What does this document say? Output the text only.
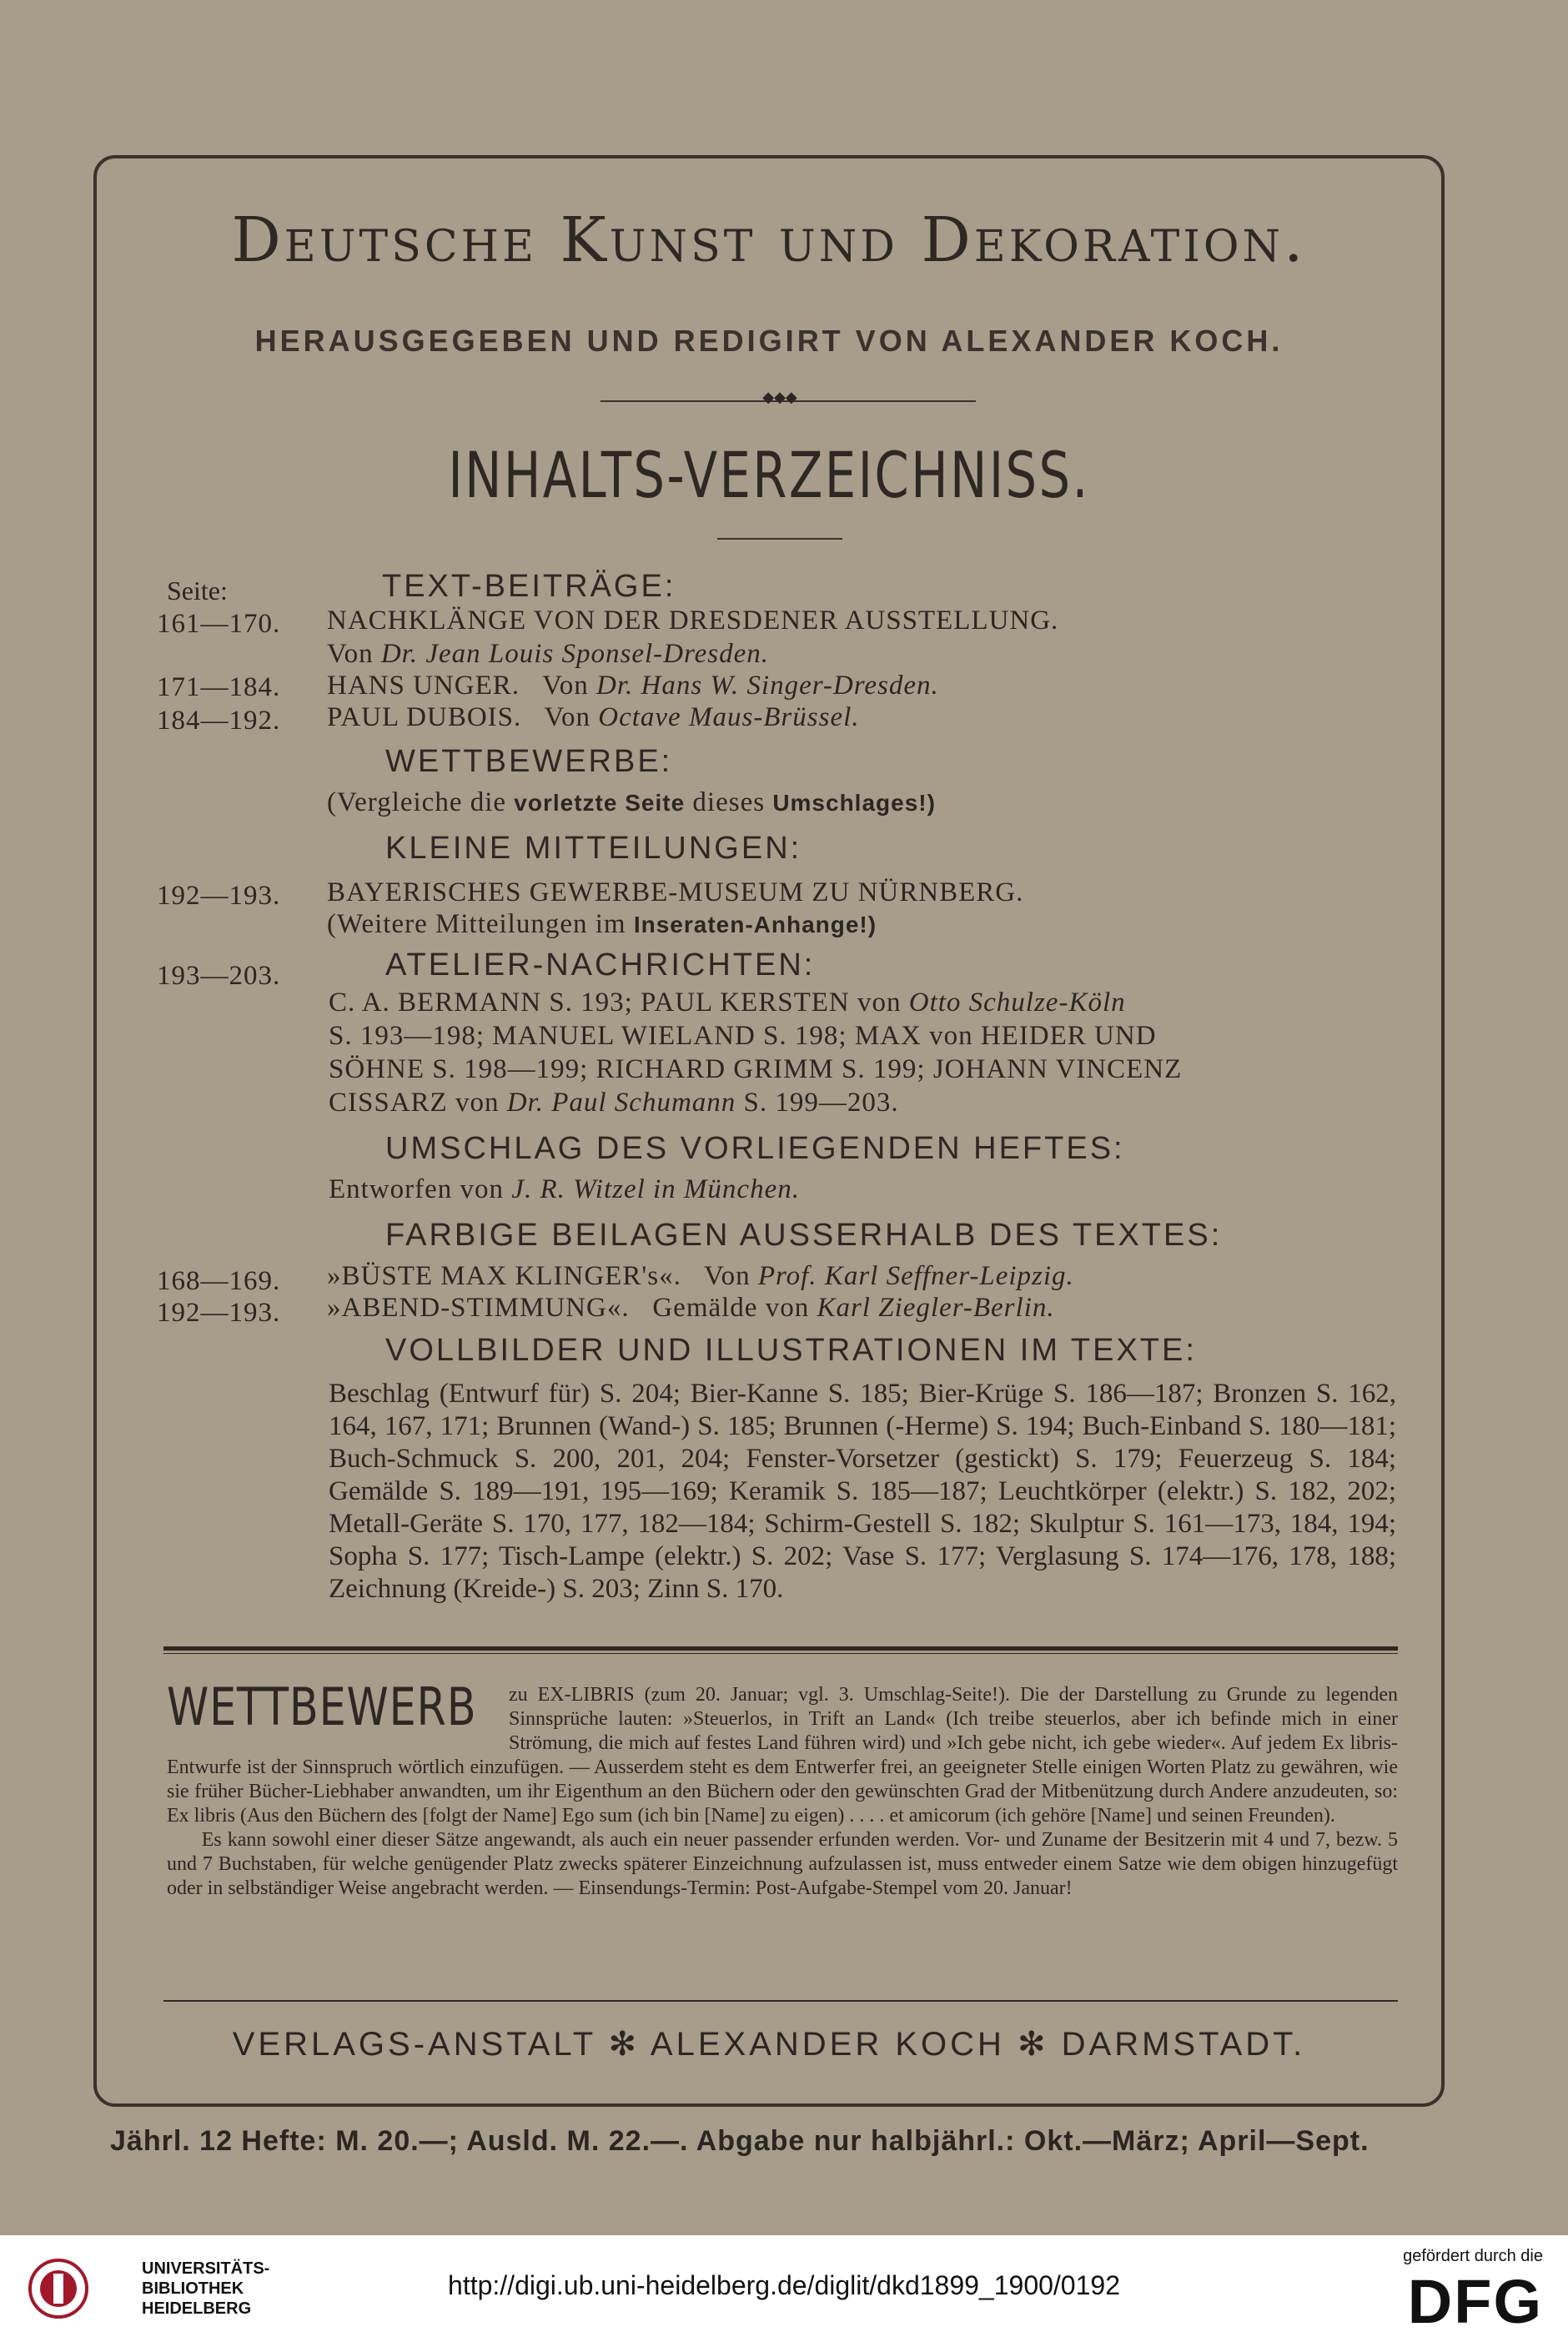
Deutsche Kunst und Dekoration.
HERAUSGEGEBEN UND REDIGIRT VON ALEXANDER KOCH.
◆◆◆
INHALTS-VERZEICHNISS.
Seite:	TEXT-BEITRÄGE:
161—170. NACHKLÄNGE VON DER DRESDENER AUSSTELLUNG.
Von Dr. Jean Louis Sponsel-Dresden.
171—184. HANS UNGER. Von Dr. Hans W. Singer-Dresden.
184—192. PAUL DUBOIS. Von Octave Maus-Brüssel.
WETTBEWERBE:
(Vergleiche die vorletzte Seite dieses Umschlages!)
KLEINE MITTEILUNGEN:
192—193. BAYERISCHES GEWERBE-MUSEUM ZU NÜRNBERG.
(Weitere Mitteilungen im Inseraten-Anhange!)
193—203.	ATELIER-NACHRICHTEN:
C. A. BERMANN S. 193; PAUL KERSTEN von Otto Schulze-Köln
S. 193—198; MANUEL WIELAND S. 198; MAX von HEIDER UND
SÖHNE S. 198—199; RICHARD GRIMM S. 199; JOHANN VINCENZ
CISSARZ von Dr. Paul Schumann S. 199—203.
UMSCHLAG DES VORLIEGENDEN HEFTES:
Entworfen von J. R. Witzel in München.
FARBIGE BEILAGEN AUSSERHALB DES TEXTES:
168—169. »BÜSTE MAX KLINGER's«. Von Prof. Karl Seffner-Leipzig.
192—193. »ABEND-STIMMUNG«. Gemälde von Karl Ziegler-Berlin.
VOLLBILDER UND ILLUSTRATIONEN IM TEXTE:
Beschlag (Entwurf für) S. 204; Bier-Kanne S. 185; Bier-Krüge S. 186—187; Bronzen S. 162, 164, 167, 171; Brunnen (Wand-) S. 185; Brunnen (-Herme) S. 194; Buch-Einband S. 180—181; Buch-Schmuck S. 200, 201, 204; Fenster-Vorsetzer (gestickt) S. 179; Feuerzeug S. 184; Gemälde S. 189—191, 195—169; Keramik S. 185—187; Leuchtkörper (elektr.) S. 182, 202; Metall-Geräte S. 170, 177, 182—184; Schirm-Gestell S. 182; Skulptur S. 161—173, 184, 194; Sopha S. 177; Tisch-Lampe (elektr.) S. 202; Vase S. 177; Verglasung S. 174—176, 178, 188; Zeichnung (Kreide-) S. 203; Zinn S. 170.
zu EX-LIBRIS (zum 20. Januar; vgl. 3. Umschlag-Seite!). Die der Darstellung zu Grunde zu legenden Sinnsprüche lauten: »Steuerlos, in Trift an Land« (Ich treibe steuerlos, aber ich befinde mich in einer Strömung, die mich auf festes Land führen wird) und »Ich gebe nicht, ich gebe wieder«. Auf jedem Ex libris-Entwurfe ist der Sinnspruch wörtlich einzufügen. — Ausserdem steht es dem Entwerfer frei, an geeigneter Stelle einigen Worten Platz zu gewähren, wie sie früher Bücher-Liebhaber anwandten, um ihr Eigenthum an den Büchern oder den gewünschten Grad der Mitbenützung durch Andere anzudeuten, so: Ex libris (Aus den Büchern des [folgt der Name] Ego sum (ich bin [Name] zu eigen) . . . . et amicorum (ich gehöre [Name] und seinen Freunden).
Es kann sowohl einer dieser Sätze angewandt, als auch ein neuer passender erfunden werden. Vor- und Zuname der Besitzerin mit 4 und 7, bezw. 5 und 7 Buchstaben, für welche genügender Platz zwecks späterer Einzeichnung aufzulassen ist, muss entweder einem Satze wie dem obigen hinzugefügt oder in selbständiger Weise angebracht werden. — Einsendungs-Termin: Post-Aufgabe-Stempel vom 20. Januar!
WETTBEWERB
VERLAGS-ANSTALT ✻ ALEXANDER KOCH ✻ DARMSTADT.
Jährl. 12 Hefte: M. 20.—; Ausld. M. 22.—. Abgabe nur halbjährl.: Okt.—März; April—Sept.
UNIVERSITÄTS-
BIBLIOTHEK
HEIDELBERG
http://digi.ub.uni-heidelberg.de/diglit/dkd1899_1900/0192
gefördert durch die
DFG
